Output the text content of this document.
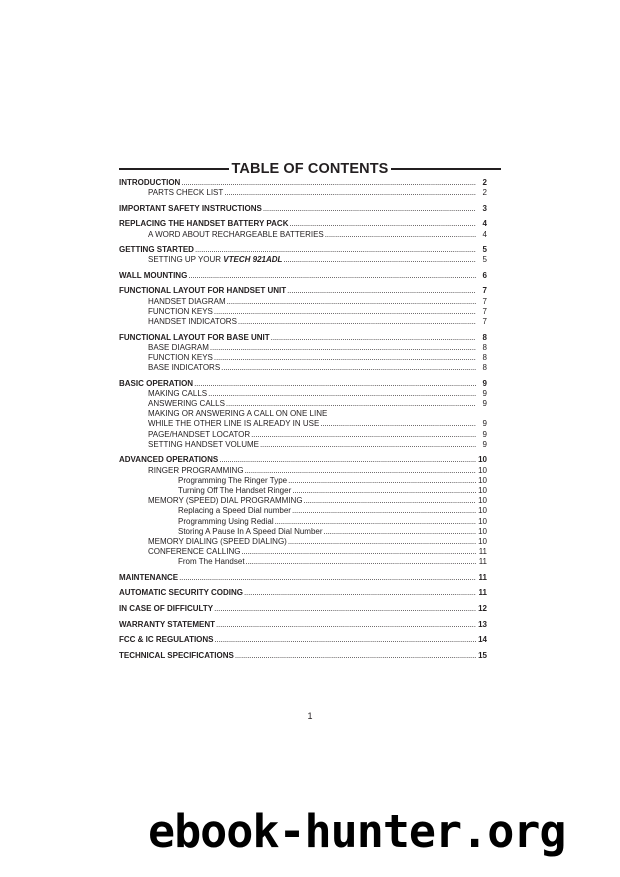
TABLE OF CONTENTS
INTRODUCTION . . .	2
PARTS CHECK LIST . . .	2
IMPORTANT SAFETY INSTRUCTIONS . . .	3
REPLACING THE HANDSET BATTERY PACK . . .	4
A WORD ABOUT RECHARGEABLE BATTERIES . . .	4
GETTING STARTED . . .	5
SETTING UP YOUR VTECH 921ADL . . .	5
WALL MOUNTING . . .	6
FUNCTIONAL LAYOUT FOR HANDSET UNIT . . .	7
HANDSET DIAGRAM . . .	7
FUNCTION KEYS . . .	7
HANDSET INDICATORS . . .	7
FUNCTIONAL LAYOUT FOR BASE UNIT . . .	8
BASE DIAGRAM . . .	8
FUNCTION KEYS . . .	8
BASE INDICATORS . . .	8
BASIC OPERATION . . .	9
MAKING CALLS . . .	9
ANSWERING CALLS . . .	9
MAKING OR ANSWERING A CALL ON ONE LINE
WHILE THE OTHER LINE IS ALREADY IN USE . . .	9
PAGE/HANDSET LOCATOR . . .	9
SETTING HANDSET VOLUME . . .	9
ADVANCED OPERATIONS . . .	10
RINGER PROGRAMMING . . .	10
Programming The Ringer Type . . .	10
Turning Off The Handset Ringer . . .	10
MEMORY (SPEED) DIAL PROGRAMMING . . .	10
Replacing a Speed Dial number . . .	10
Programming Using Redial . . .	10
Storing A Pause In A Speed Dial Number . . .	10
MEMORY DIALING (SPEED DIALING) . . .	10
CONFERENCE CALLING . . .	11
From The Handset . . .	11
MAINTENANCE . . .	11
AUTOMATIC SECURITY CODING . . .	11
IN CASE OF DIFFICULTY . . .	12
WARRANTY STATEMENT . . .	13
FCC & IC REGULATIONS . . .	14
TECHNICAL SPECIFICATIONS . . .	15
1
ebook-hunter.org
